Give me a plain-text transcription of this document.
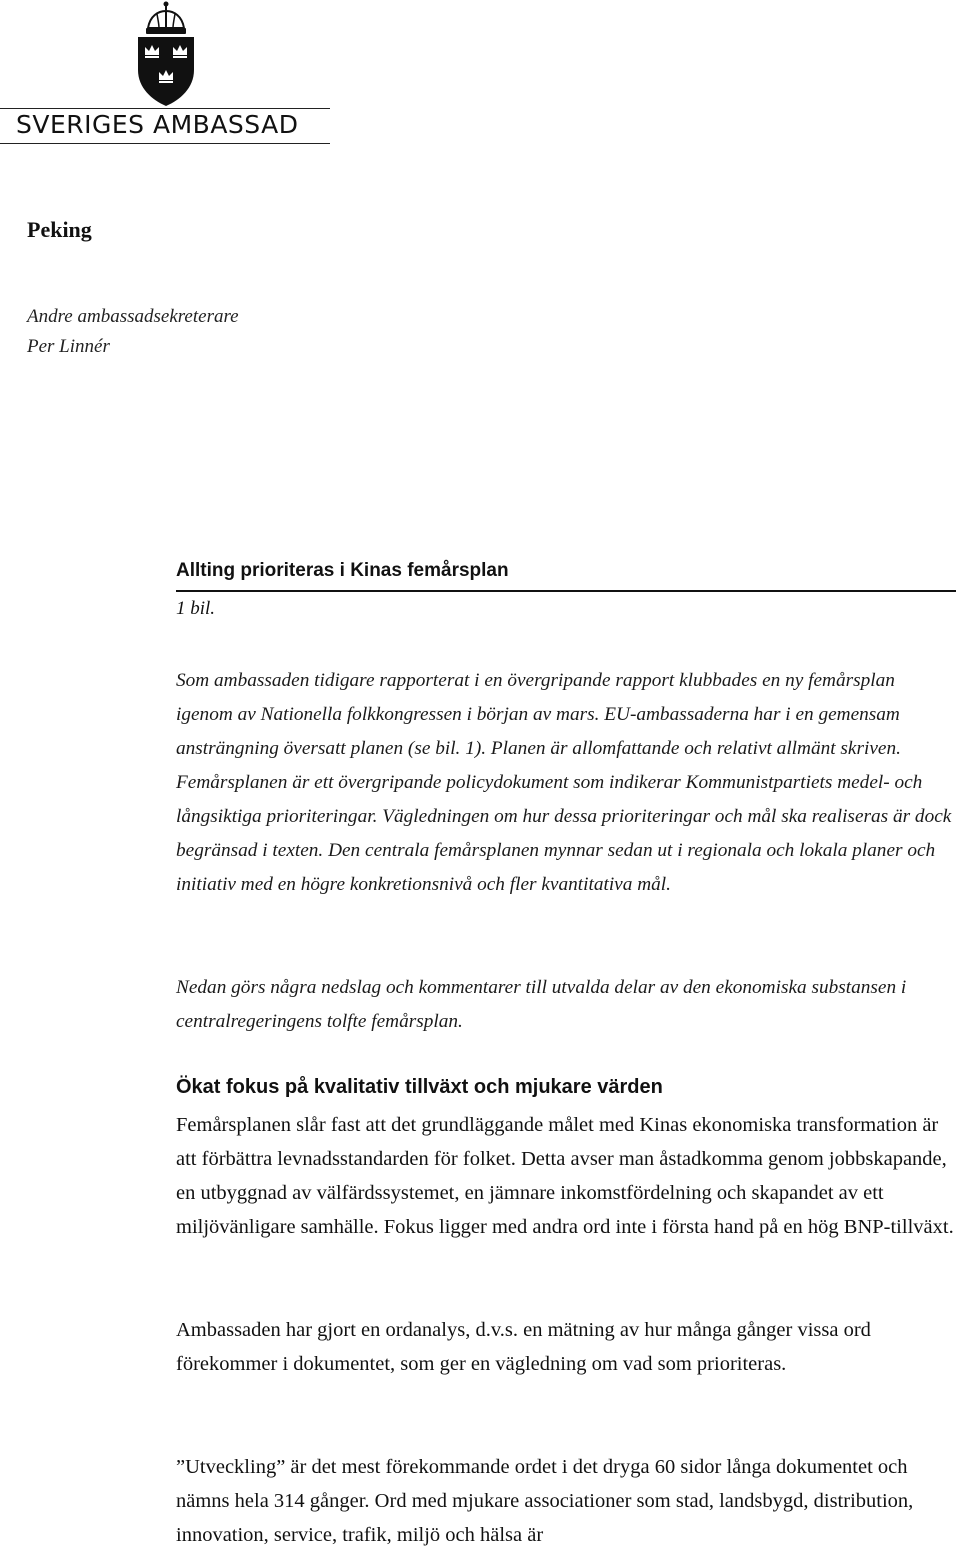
SVERIGES AMBASSAD
Peking
Andre ambassadsekreterare
Per Linnér
Allting prioriteras i Kinas femårsplan
1 bil.
Som ambassaden tidigare rapporterat i en övergripande rapport klubbades en ny femårsplan igenom av Nationella folkkongressen i början av mars. EU-ambassaderna har i en gemensam ansträngning översatt planen (se bil. 1). Planen är allomfattande och relativt allmänt skriven. Femårsplanen är ett övergripande policydokument som indikerar Kommunistpartiets medel- och långsiktiga prioriteringar. Vägledningen om hur dessa prioriteringar och mål ska realiseras är dock begränsad i texten. Den centrala femårsplanen mynnar sedan ut i regionala och lokala planer och initiativ med en högre konkretionsnivå och fler kvantitativa mål.
Nedan görs några nedslag och kommentarer till utvalda delar av den ekonomiska substansen i centralregeringens tolfte femårsplan.
Ökat fokus på kvalitativ tillväxt och mjukare värden
Femårsplanen slår fast att det grundläggande målet med Kinas ekonomiska transformation är att förbättra levnadsstandarden för folket. Detta avser man åstadkomma genom jobbskapande, en utbyggnad av välfärdssystemet, en jämnare inkomstfördelning och skapandet av ett miljövänligare samhälle. Fokus ligger med andra ord inte i första hand på en hög BNP-tillväxt.
Ambassaden har gjort en ordanalys, d.v.s. en mätning av hur många gånger vissa ord förekommer i dokumentet, som ger en vägledning om vad som prioriteras.
”Utveckling” är det mest förekommande ordet i det dryga 60 sidor långa dokumentet och nämns hela 314 gånger. Ord med mjukare associationer som stad, landsbygd, distribution, innovation, service, trafik, miljö och hälsa är
